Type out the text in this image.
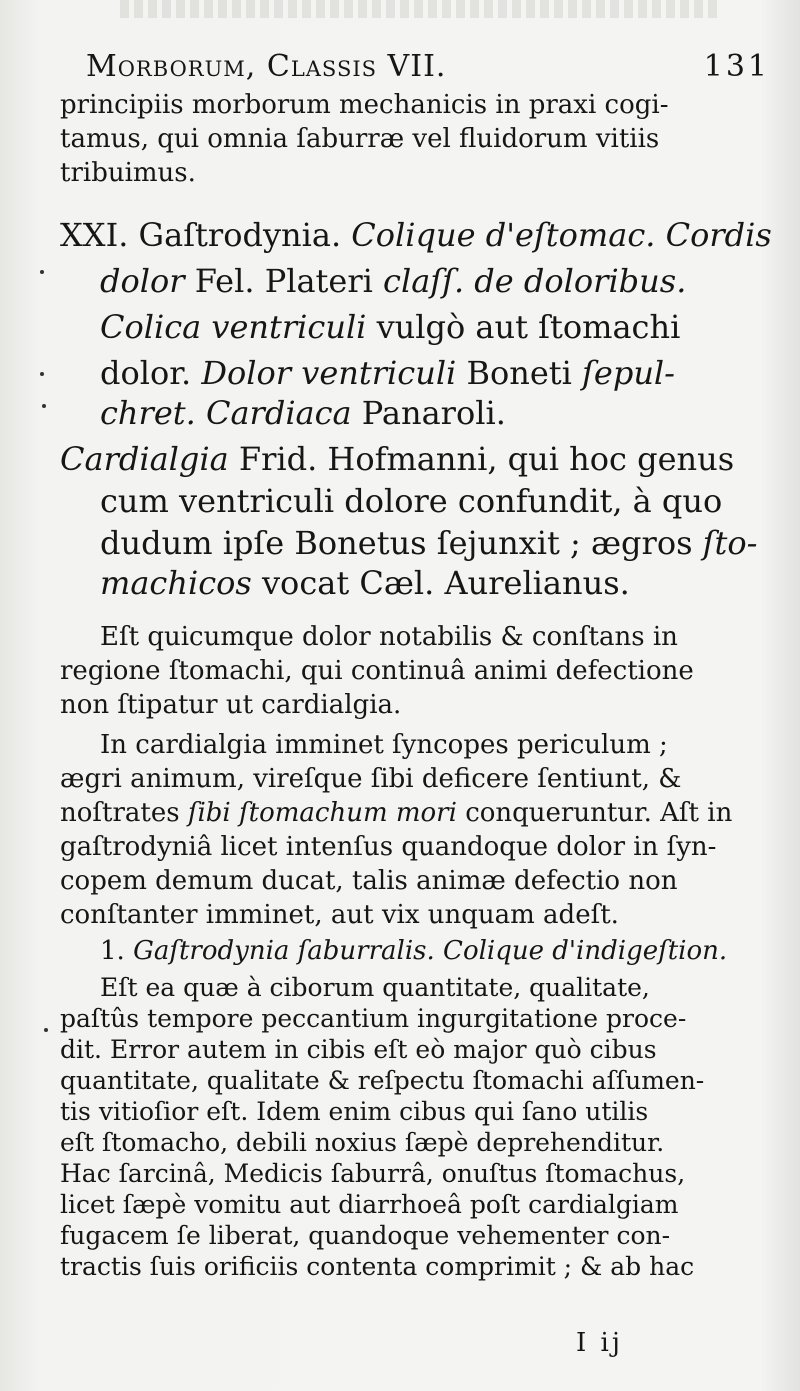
Morborum, Classis VII.	131
principiis morborum mechanicis in praxi cogi-
tamus, qui omnia ſaburræ vel fluidorum vitiis
tribuimus.
XXI. Gaſtrodynia. Colique d'eſtomac. Cordis
dolor Fel. Plateri claſſ. de doloribus.
Colica ventriculi vulgò aut ſtomachi
dolor. Dolor ventriculi Boneti ſepul-
chret. Cardiaca Panaroli.
Cardialgia Frid. Hofmanni, qui hoc genus
cum ventriculi dolore confundit, à quo
dudum ipſe Bonetus ſejunxit ; ægros ſto-
machicos vocat Cæl. Aurelianus.
Eſt quicumque dolor notabilis & conſtans in
regione ſtomachi, qui continuâ animi defectione
non ſtipatur ut cardialgia.
In cardialgia imminet ſyncopes periculum ;
ægri animum, vireſque ſibi deficere ſentiunt, &
noſtrates ſibi ſtomachum mori conqueruntur. Aſt in
gaſtrodyniâ licet intenſus quandoque dolor in ſyn-
copem demum ducat, talis animæ defectio non
conſtanter imminet, aut vix unquam adeſt.
1. Gaſtrodynia ſaburralis. Colique d'indigeſtion.
Eſt ea quæ à ciborum quantitate, qualitate,
paſtûs tempore peccantium ingurgitatione proce-
dit. Error autem in cibis eſt eò major quò cibus
quantitate, qualitate & reſpectu ſtomachi aſſumen-
tis vitioſior eſt. Idem enim cibus qui ſano utilis
eſt ſtomacho, debili noxius ſæpè deprehenditur.
Hac ſarcinâ, Medicis ſaburrâ, onuſtus ſtomachus,
licet ſæpè vomitu aut diarrhoeâ poſt cardialgiam
fugacem ſe liberat, quandoque vehementer con-
tractis ſuis orificiis contenta comprimit ; & ab hac
I ij
